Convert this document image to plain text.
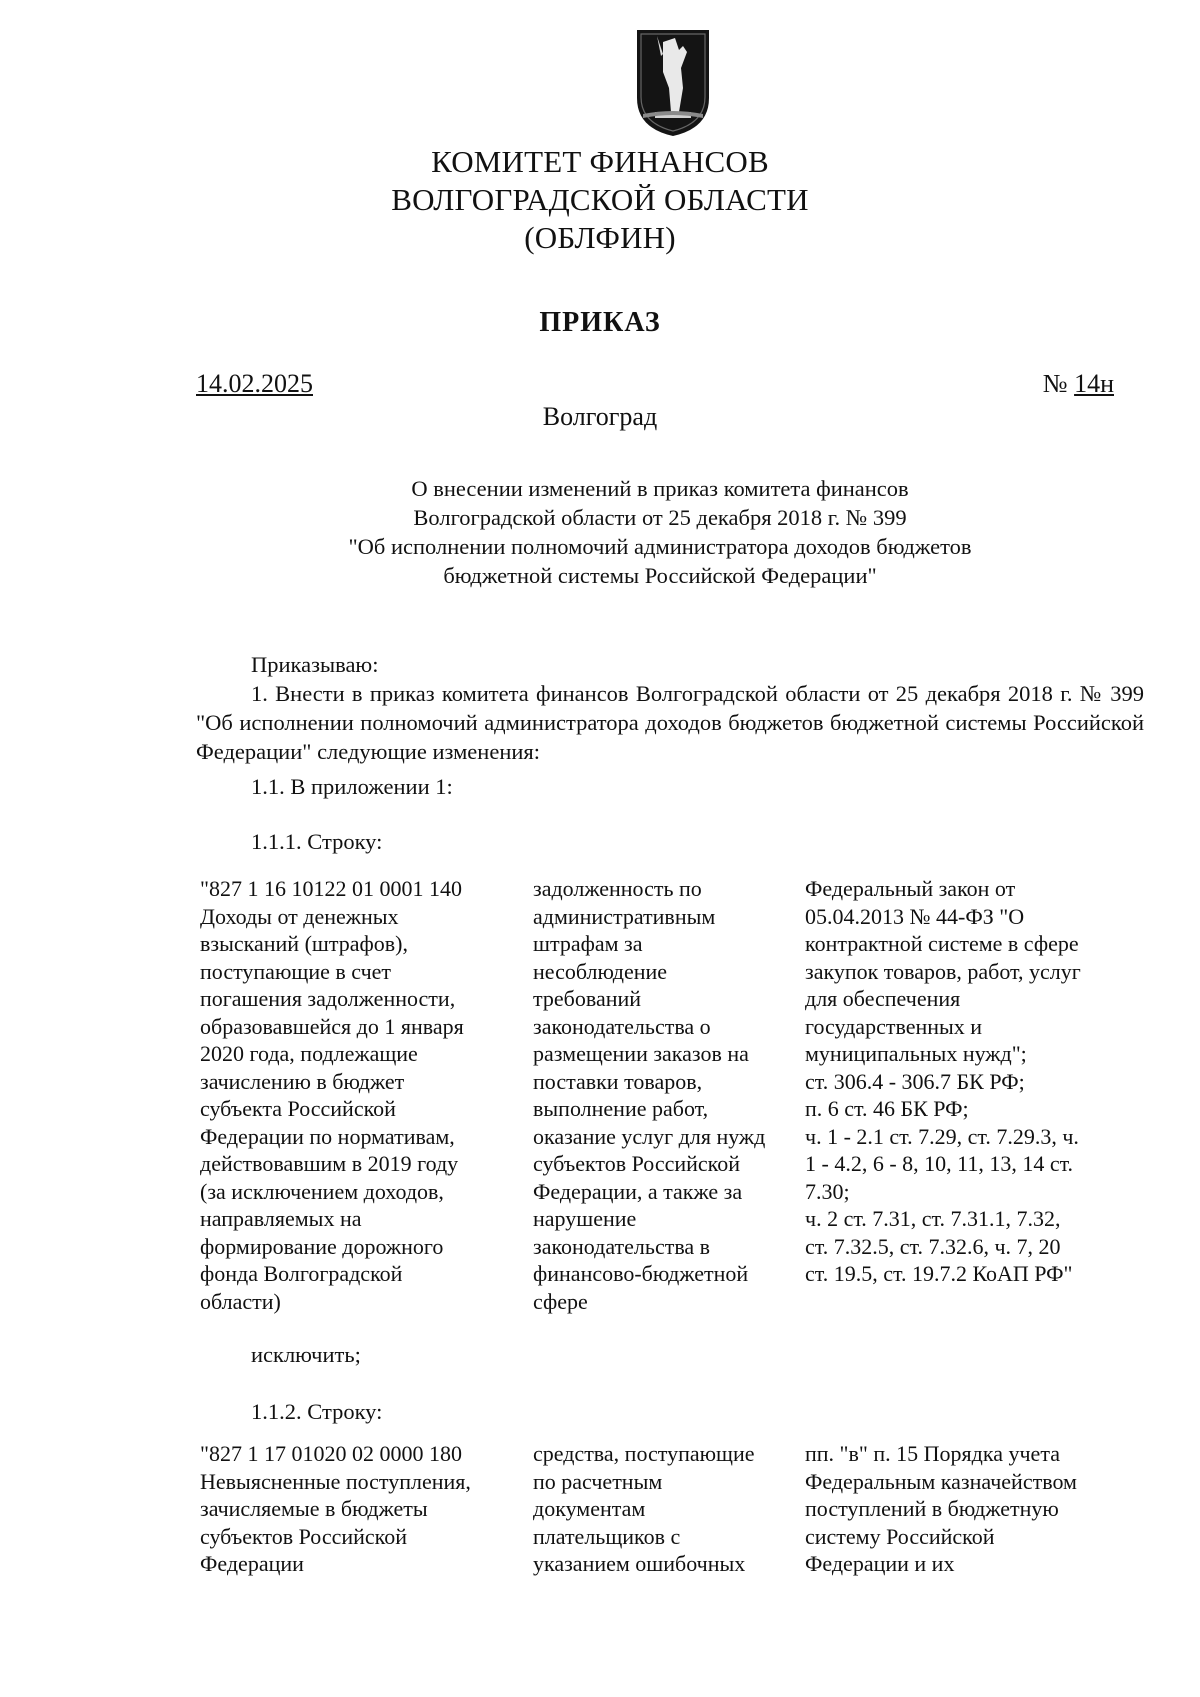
КОМИТЕТ ФИНАНСОВ
ВОЛГОГРАДСКОЙ ОБЛАСТИ
(ОБЛФИН)
ПРИКАЗ
14.02.2025	№ 14н
Волгоград
О внесении изменений в приказ комитета финансов
Волгоградской области от 25 декабря 2018 г. № 399
"Об исполнении полномочий администратора доходов бюджетов
бюджетной системы Российской Федерации"
Приказываю:
1. Внести в приказ комитета финансов Волгоградской области от 25 декабря 2018 г. № 399 "Об исполнении полномочий администратора доходов бюджетов бюджетной системы Российской Федерации" следующие изменения:
1.1. В приложении 1:
1.1.1. Строку:
"827 1 16 10122 01 0001 140
Доходы от денежных
взысканий (штрафов),
поступающие в счет
погашения задолженности,
образовавшейся до 1 января
2020 года, подлежащие
зачислению в бюджет
субъекта Российской
Федерации по нормативам,
действовавшим в 2019 году
(за исключением доходов,
направляемых на
формирование дорожного
фонда Волгоградской
области)
задолженность по
административным
штрафам за
несоблюдение
требований
законодательства о
размещении заказов на
поставки товаров,
выполнение работ,
оказание услуг для нужд
субъектов Российской
Федерации, а также за
нарушение
законодательства в
финансово-бюджетной
сфере
Федеральный закон от
05.04.2013 № 44-ФЗ "О
контрактной системе в сфере
закупок товаров, работ, услуг
для обеспечения
государственных и
муниципальных нужд";
ст. 306.4 - 306.7 БК РФ;
п. 6 ст. 46 БК РФ;
ч. 1 - 2.1 ст. 7.29, ст. 7.29.3, ч.
1 - 4.2, 6 - 8, 10, 11, 13, 14 ст.
7.30;
ч. 2 ст. 7.31, ст. 7.31.1, 7.32,
ст. 7.32.5, ст. 7.32.6, ч. 7, 20
ст. 19.5, ст. 19.7.2 КоАП РФ"
исключить;
1.1.2. Строку:
"827 1 17 01020 02 0000 180
Невыясненные поступления,
зачисляемые в бюджеты
субъектов Российской
Федерации
средства, поступающие
по расчетным
документам
плательщиков с
указанием ошибочных
пп. "в" п. 15 Порядка учета
Федеральным казначейством
поступлений в бюджетную
систему Российской
Федерации и их
